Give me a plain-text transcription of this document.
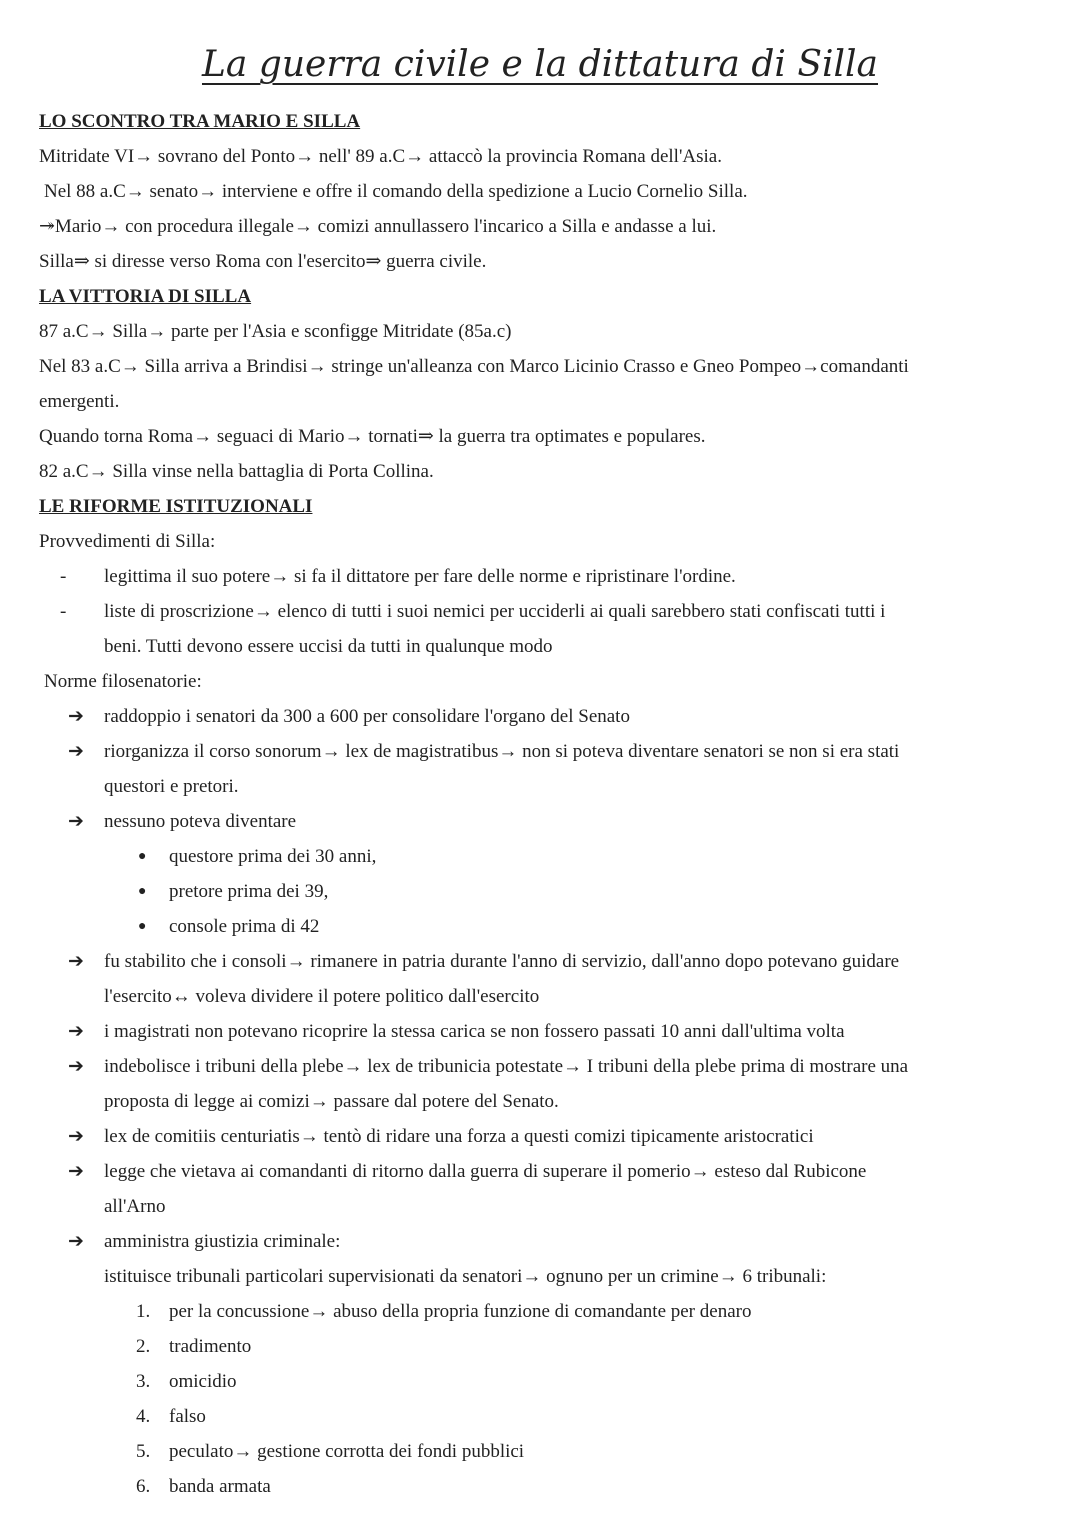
La guerra civile e la dittatura di Silla
LO SCONTRO TRA MARIO E SILLA
Mitridate VI→ sovrano del Ponto→ nell' 89 a.C→ attaccò la provincia Romana dell'Asia.
Nel 88 a.C→ senato→ interviene e offre il comando della spedizione a Lucio Cornelio Silla.
↠Mario→ con procedura illegale→ comizi annullassero l'incarico a Silla e andasse a lui.
Silla⇒ si diresse verso Roma con l'esercito⇒ guerra civile.
LA VITTORIA DI SILLA
87 a.C→ Silla→ parte per l'Asia e sconfigge Mitridate (85a.c)
Nel 83 a.C→ Silla arriva a Brindisi→ stringe un'alleanza con Marco Licinio Crasso e Gneo Pompeo→comandanti
emergenti.
Quando torna Roma→ seguaci di Mario→ tornati⇒ la guerra tra optimates e populares.
82 a.C→ Silla vinse nella battaglia di Porta Collina.
LE RIFORME ISTITUZIONALI
Provvedimenti di Silla:
- legittima il suo potere→ si fa il dittatore per fare delle norme e ripristinare l'ordine.
- liste di proscrizione→ elenco di tutti i suoi nemici per ucciderli ai quali sarebbero stati confiscati tutti i
beni. Tutti devono essere uccisi da tutti in qualunque modo
Norme filosenatorie:
➔ raddoppio i senatori da 300 a 600 per consolidare l'organo del Senato
➔ riorganizza il corso sonorum→ lex de magistratibus→ non si poteva diventare senatori se non si era stati
questori e pretori.
➔ nessuno poteva diventare
● questore prima dei 30 anni,
● pretore prima dei 39,
● console prima di 42
➔ fu stabilito che i consoli→ rimanere in patria durante l'anno di servizio, dall'anno dopo potevano guidare
l'esercito↔ voleva dividere il potere politico dall'esercito
➔ i magistrati non potevano ricoprire la stessa carica se non fossero passati 10 anni dall'ultima volta
➔ indebolisce i tribuni della plebe→ lex de tribunicia potestate→ I tribuni della plebe prima di mostrare una
proposta di legge ai comizi→ passare dal potere del Senato.
➔ lex de comitiis centuriatis→ tentò di ridare una forza a questi comizi tipicamente aristocratici
➔ legge che vietava ai comandanti di ritorno dalla guerra di superare il pomerio→ esteso dal Rubicone
all'Arno
➔ amministra giustizia criminale:
istituisce tribunali particolari supervisionati da senatori→ ognuno per un crimine→ 6 tribunali:
1. per la concussione→ abuso della propria funzione di comandante per denaro
2. tradimento
3. omicidio
4. falso
5. peculato→ gestione corrotta dei fondi pubblici
6. banda armata
